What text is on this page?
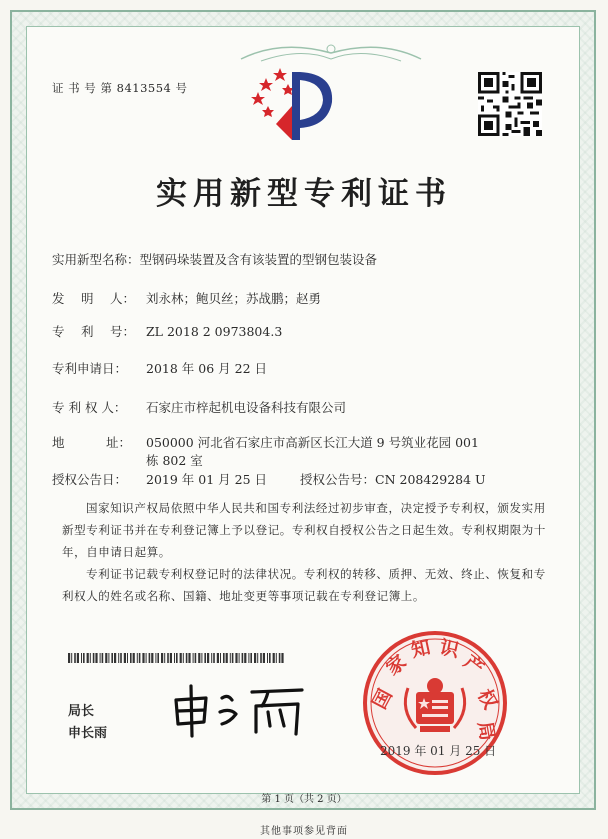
证 书 号 第 8413554 号
实用新型专利证书
实用新型名称：型钢码垛装置及含有该装置的型钢包装设备
发　 明　 人： 刘永林；鲍贝丝；苏战鹏；赵勇
专　 利　 号： ZL 2018 2 0973804.3
专利申请日： 2018 年 06 月 22 日
专 利 权 人： 石家庄市梓起机电设备科技有限公司
地　　　 址： 050000 河北省石家庄市高新区长江大道 9 号筑业花园 001
栋 802 室
授权公告日： 2019 年 01 月 25 日	授权公告号：CN 208429284 U
国家知识产权局依照中华人民共和国专利法经过初步审查，决定授予专利权，颁发实用新型专利证书并在专利登记簿上予以登记。专利权自授权公告之日起生效。专利权期限为十年，自申请日起算。
专利证书记载专利权登记时的法律状况。专利权的转移、质押、无效、终止、恢复和专利权人的姓名或名称、国籍、地址变更等事项记载在专利登记簿上。
局长
申长雨
国
家
知 识
产
权
局
2019 年 01 月 25 日
第 1 页（共 2 页）
其他事项参见背面
